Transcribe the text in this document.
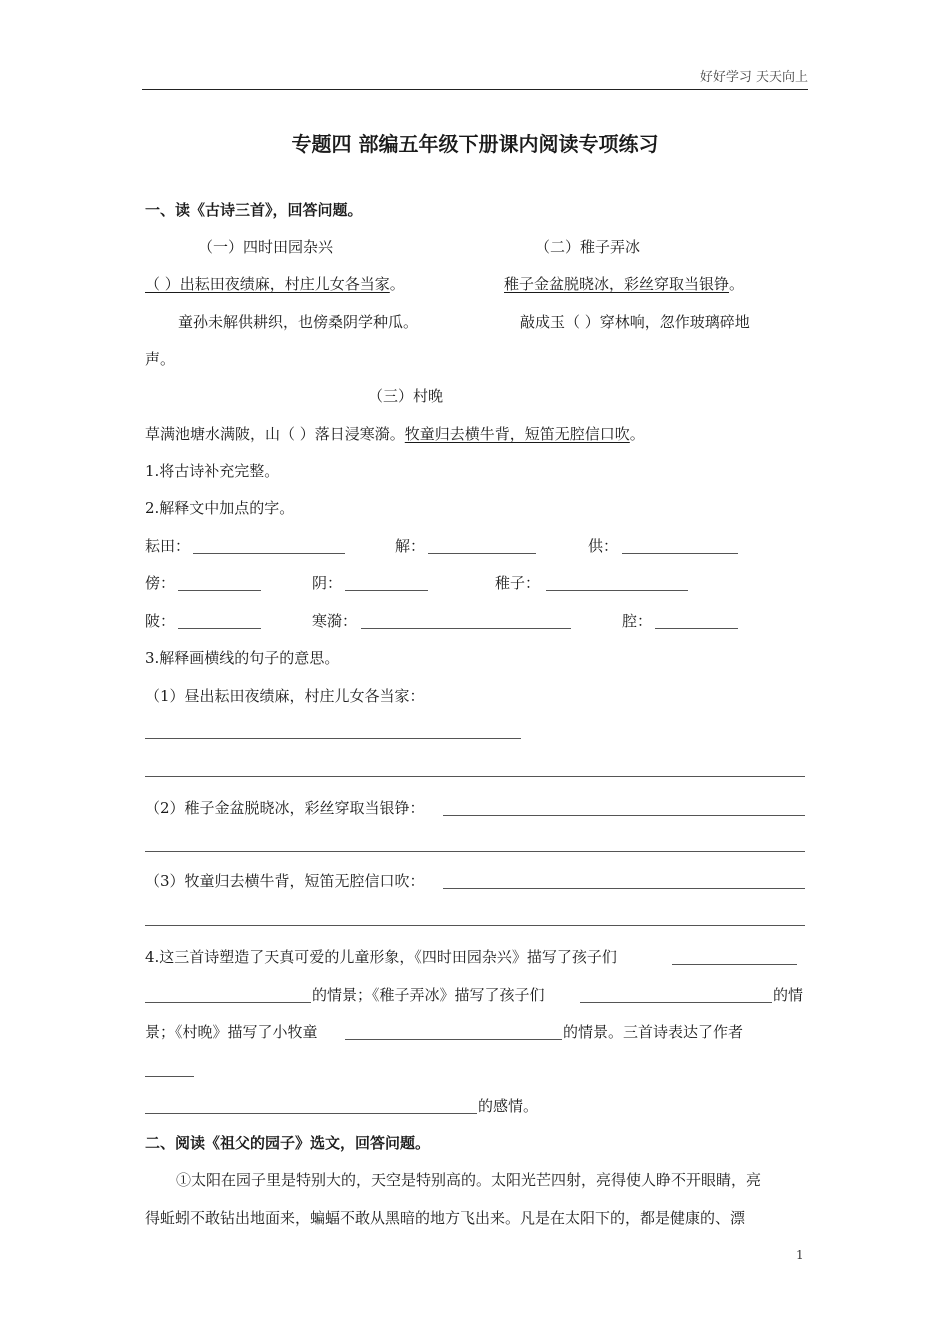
好好学习 天天向上
专题四 部编五年级下册课内阅读专项练习
一、读《古诗三首》，回答问题。
（一）四时田园杂兴	（二）稚子弄冰
（ ）出耘田夜绩麻，村庄儿女各当家。	稚子金盆脱晓冰，彩丝穿取当银铮。
童孙未解供耕织，也傍桑阴学种瓜。	敲成玉（ ）穿林响，忽作玻璃碎地
声。
（三）村晚
草满池塘水满陂，山（ ）落日浸寒漪。牧童归去横牛背，短笛无腔信口吹。
1.将古诗补充完整。
2.解释文中加点的字。
耘田：	解：	供：
傍：	阴：	稚子：
陂：	寒漪：	腔：
3.解释画横线的句子的意思。
（1）昼出耘田夜绩麻，村庄儿女各当家：
（2）稚子金盆脱晓冰，彩丝穿取当银铮：
（3）牧童归去横牛背，短笛无腔信口吹：
4.这三首诗塑造了天真可爱的儿童形象，《四时田园杂兴》描写了孩子们
的情景；《稚子弄冰》描写了孩子们	的情
景；《村晚》描写了小牧童	的情景。三首诗表达了作者
的感情。
二、阅读《祖父的园子》选文，回答问题。
①太阳在园子里是特别大的，天空是特别高的。太阳光芒四射，亮得使人睁不开眼睛，亮
得蚯蚓不敢钻出地面来，蝙蝠不敢从黑暗的地方飞出来。凡是在太阳下的，都是健康的、漂
1
